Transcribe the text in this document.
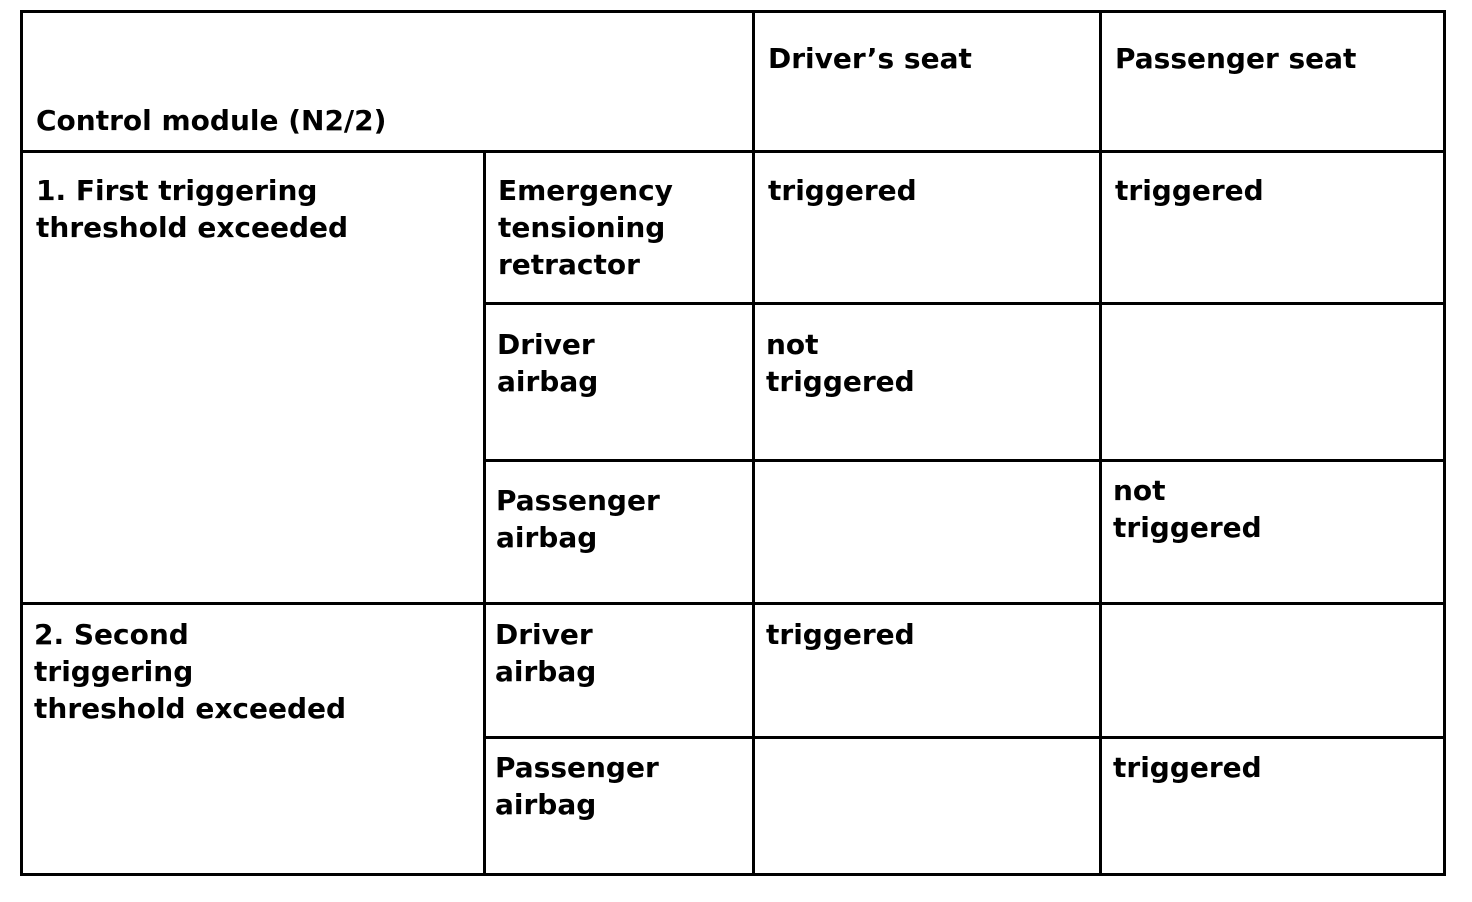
Control module (N2/2)
Driver’s seat	Passenger seat
1. First triggering threshold exceeded
Emergency tensioning retractor
triggered	triggered
Driver airbag
not triggered
Passenger airbag
not triggered
2. Second triggering threshold exceeded
Driver airbag
triggered
Passenger airbag
triggered
